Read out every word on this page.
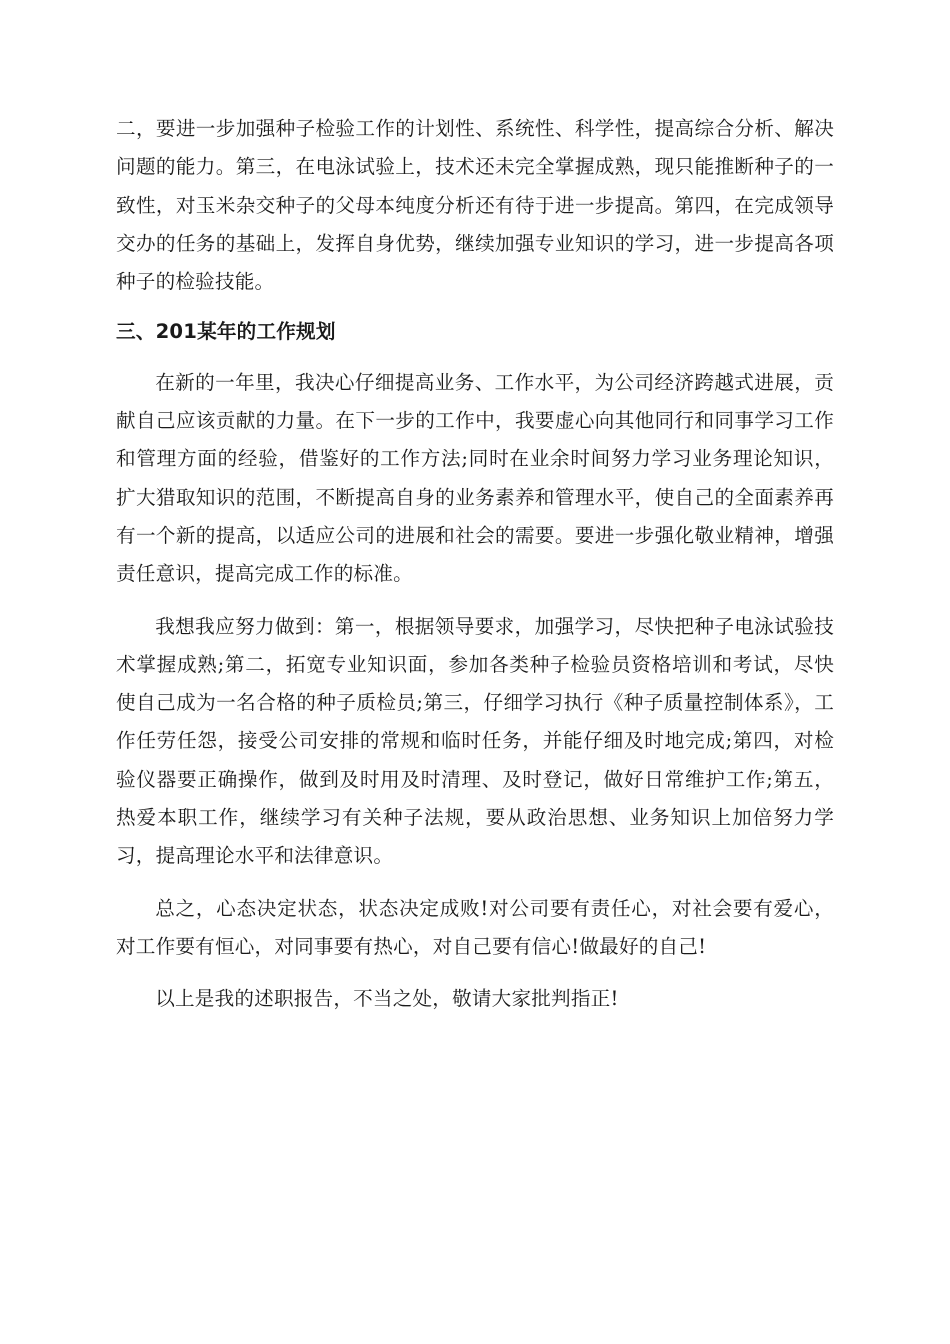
二，要进一步加强种子检验工作的计划性、系统性、科学性，提高综合分析、解决问题的能力。第三，在电泳试验上，技术还未完全掌握成熟，现只能推断种子的一致性，对玉米杂交种子的父母本纯度分析还有待于进一步提高。第四，在完成领导交办的任务的基础上，发挥自身优势，继续加强专业知识的学习，进一步提高各项种子的检验技能。

三、201某年的工作规划

在新的一年里，我决心仔细提高业务、工作水平，为公司经济跨越式进展，贡献自己应该贡献的力量。在下一步的工作中，我要虚心向其他同行和同事学习工作和管理方面的经验，借鉴好的工作方法;同时在业余时间努力学习业务理论知识，扩大猎取知识的范围，不断提高自身的业务素养和管理水平，使自己的全面素养再有一个新的提高，以适应公司的进展和社会的需要。要进一步强化敬业精神，增强责任意识，提高完成工作的标准。

我想我应努力做到：第一，根据领导要求，加强学习，尽快把种子电泳试验技术掌握成熟;第二，拓宽专业知识面，参加各类种子检验员资格培训和考试，尽快使自己成为一名合格的种子质检员;第三，仔细学习执行《种子质量控制体系》，工作任劳任怨，接受公司安排的常规和临时任务，并能仔细及时地完成;第四，对检验仪器要正确操作，做到及时用及时清理、及时登记，做好日常维护工作;第五，热爱本职工作，继续学习有关种子法规，要从政治思想、业务知识上加倍努力学习，提高理论水平和法律意识。

总之，心态决定状态，状态决定成败!对公司要有责任心，对社会要有爱心，对工作要有恒心，对同事要有热心，对自己要有信心!做最好的自己!

以上是我的述职报告，不当之处，敬请大家批判指正!
